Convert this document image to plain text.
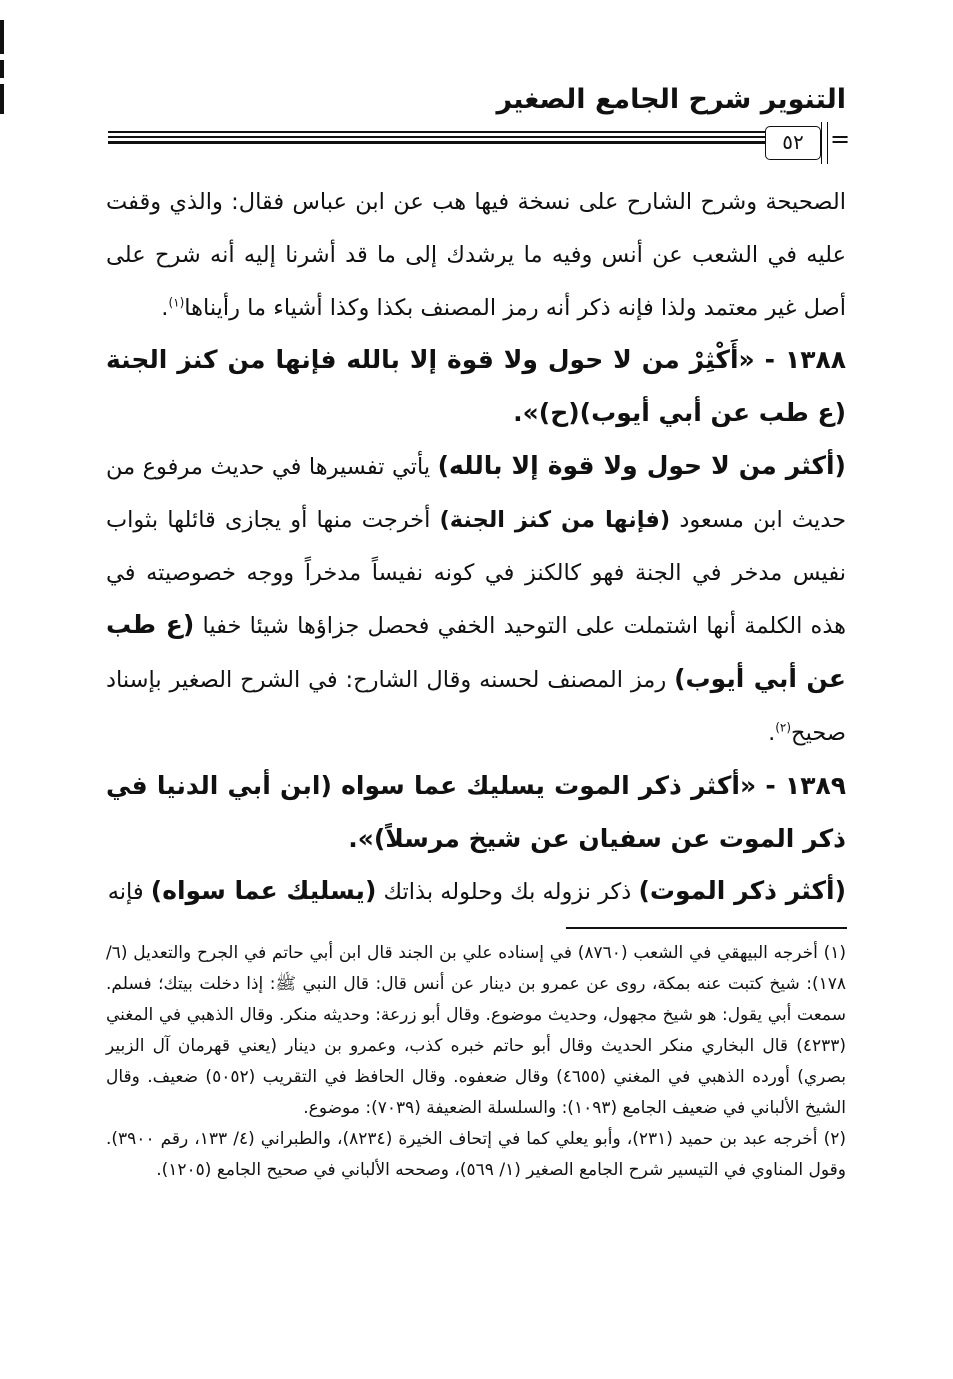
التنوير شرح الجامع الصغير
٥٢	=

الصحيحة وشرح الشارح على نسخة فيها هب عن ابن عباس فقال: والذي وقفت عليه في الشعب عن أنس وفيه ما يرشدك إلى ما قد أشرنا إليه أنه شرح على أصل غير معتمد ولذا فإنه ذكر أنه رمز المصنف بكذا وكذا أشياء ما رأيناها$^{(١)}$.

١٣٨٨ - «أَكْثِرْ من لا حول ولا قوة إلا بالله فإنها من كنز الجنة (ع طب عن أبي أيوب)(ح)».

(أكثر من لا حول ولا قوة إلا بالله) يأتي تفسيرها في حديث مرفوع من حديث ابن مسعود (فإنها من كنز الجنة) أخرجت منها أو يجازى قائلها بثواب نفيس مدخر في الجنة فهو كالكنز في كونه نفيساً مدخراً ووجه خصوصيته في هذه الكلمة أنها اشتملت على التوحيد الخفي فحصل جزاؤها شيئا خفيا (ع طب عن أبي أيوب) رمز المصنف لحسنه وقال الشارح: في الشرح الصغير بإسناد صحيح$^{(٢)}$.

١٣٨٩ - «أكثر ذكر الموت يسليك عما سواه (ابن أبي الدنيا في ذكر الموت عن سفيان عن شيخ مرسلاً)».

(أكثر ذكر الموت) ذكر نزوله بك وحلوله بذاتك (يسليك عما سواه) فإنه

(١) أخرجه البيهقي في الشعب (٨٧٦٠) في إسناده علي بن الجند قال ابن أبي حاتم في الجرح والتعديل (٦/ ١٧٨): شيخ كتبت عنه بمكة، روى عن عمرو بن دينار عن أنس قال: قال النبي ﷺ: إذا دخلت بيتك؛ فسلم. سمعت أبي يقول: هو شيخ مجهول، وحديث موضوع. وقال أبو زرعة: وحديثه منكر. وقال الذهبي في المغني (٤٢٣٣) قال البخاري منكر الحديث وقال أبو حاتم خبره كذب، وعمرو بن دينار (يعني قهرمان آل الزبير بصري) أورده الذهبي في المغني (٤٦٥٥) وقال ضعفوه. وقال الحافظ في التقريب (٥٠٥٢) ضعيف. وقال الشيخ الألباني في ضعيف الجامع (١٠٩٣): والسلسلة الضعيفة (٧٠٣٩): موضوع.

(٢) أخرجه عبد بن حميد (٢٣١)، وأبو يعلي كما في إتحاف الخيرة (٨٢٣٤)، والطبراني (٤/ ١٣٣، رقم ٣٩٠٠). وقول المناوي في التيسير شرح الجامع الصغير (١/ ٥٦٩)، وصححه الألباني في صحيح الجامع (١٢٠٥).
